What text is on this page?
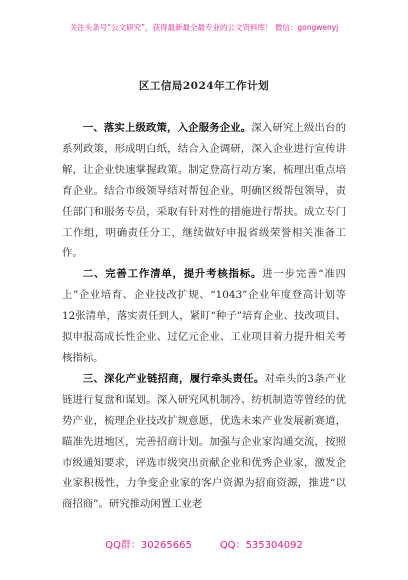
关注头条号“公文研究”，获得最新最全最专业的公文资料库！ 微信：gongwenyj
区工信局2024年工作计划

一、落实上级政策，入企服务企业。深入研究上级出台的系列政策，形成明白纸，结合入企调研，深入企业进行宣传讲解，让企业快速掌握政策。制定登高行动方案，梳理出重点培育企业。结合市级领导结对帮包企业，明确区级帮包领导，责任部门和服务专员，采取有针对性的措施进行帮扶。成立专门工作组，明确责任分工，继续做好申报省级荣誉相关准备工作。

二、完善工作清单，提升考核指标。进一步完善“准四上”企业培育、企业技改扩规、“1043”企业年度登高计划等12张清单，落实责任到人，紧盯“种子”培育企业、技改项目、拟申报高成长性企业、过亿元企业、工业项目着力提升相关考核指标。

三、深化产业链招商，履行牵头责任。对牵头的3条产业链进行复盘和谋划。深入研究风机制冷、纺机制造等曾经的优势产业，梳理企业技改扩规意愿，优选未来产业发展新赛道，瞄准先进地区，完善招商计划。加强与企业家沟通交流，按照市级通知要求，评选市级突出贡献企业和优秀企业家，激发企业家积极性，力争变企业家的客户资源为招商资源，推进“以商招商”。研究推动闲置工业老

QQ群：30265665	QQ：535304092
